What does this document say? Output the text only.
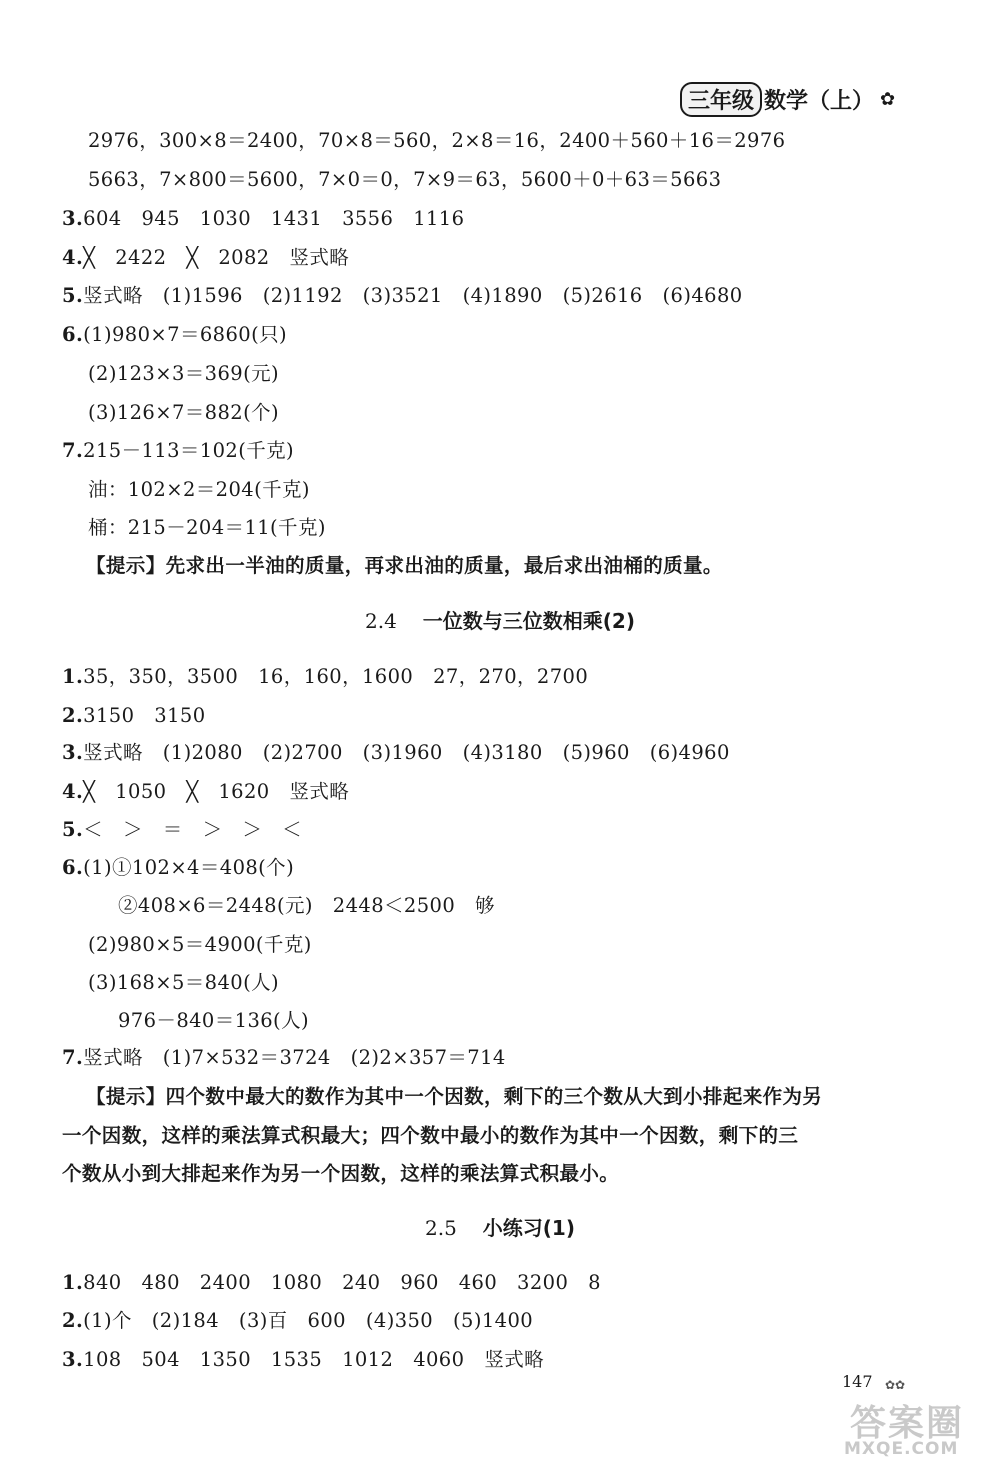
三年级 数学（上） ✿
2976，300×8＝2400，70×8＝560，2×8＝16，2400＋560＋16＝2976
5663，7×800＝5600，7×0＝0，7×9＝63，5600＋0＋63＝5663
3.604　945　1030　1431　3556　1116
4.╳　2422　╳　2082　竖式略
5.竖式略　(1)1596　(2)1192　(3)3521　(4)1890　(5)2616　(6)4680
6.(1)980×7＝6860(只)
(2)123×3＝369(元)
(3)126×7＝882(个)
7.215－113＝102(千克)
油：102×2＝204(千克)
桶：215－204＝11(千克)
【提示】先求出一半油的质量，再求出油的质量，最后求出油桶的质量。
2.4 一位数与三位数相乘(2)
1.35，350，3500　16，160，1600　27，270，2700
2.3150　3150
3.竖式略　(1)2080　(2)2700　(3)1960　(4)3180　(5)960　(6)4960
4.╳　1050　╳　1620　竖式略
5.＜　＞　＝　＞　＞　＜
6.(1)①102×4＝408(个)
②408×6＝2448(元)　2448＜2500　够
(2)980×5＝4900(千克)
(3)168×5＝840(人)
976－840＝136(人)
7.竖式略　(1)7×532＝3724　(2)2×357＝714
【提示】四个数中最大的数作为其中一个因数，剩下的三个数从大到小排起来作为另
一个因数，这样的乘法算式积最大；四个数中最小的数作为其中一个因数，剩下的三
个数从小到大排起来作为另一个因数，这样的乘法算式积最小。
2.5 小练习(1)
1.840　480　2400　1080　240　960　460　3200　8
2.(1)个　(2)184　(3)百　600　(4)350　(5)1400
3.108　504　1350　1535　1012　4060　竖式略
147 ✿✿
答案圈
MXQE.COM
